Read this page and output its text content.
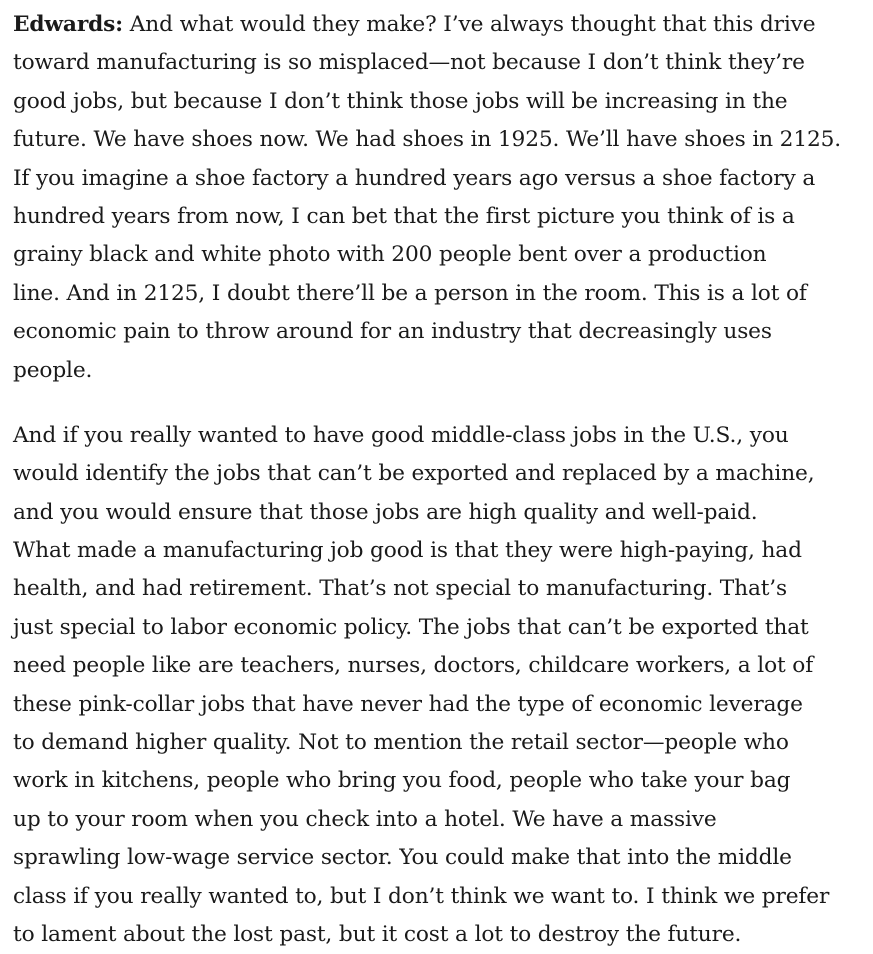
Edwards: And what would they make? I’ve always thought that this drive
toward manufacturing is so misplaced—not because I don’t think they’re
good jobs, but because I don’t think those jobs will be increasing in the
future. We have shoes now. We had shoes in 1925. We’ll have shoes in 2125.
If you imagine a shoe factory a hundred years ago versus a shoe factory a
hundred years from now, I can bet that the first picture you think of is a
grainy black and white photo with 200 people bent over a production
line. And in 2125, I doubt there’ll be a person in the room. This is a lot of
economic pain to throw around for an industry that decreasingly uses
people.

And if you really wanted to have good middle-class jobs in the U.S., you
would identify the jobs that can’t be exported and replaced by a machine,
and you would ensure that those jobs are high quality and well-paid.
What made a manufacturing job good is that they were high-paying, had
health, and had retirement. That’s not special to manufacturing. That’s
just special to labor economic policy. The jobs that can’t be exported that
need people like are teachers, nurses, doctors, childcare workers, a lot of
these pink-collar jobs that have never had the type of economic leverage
to demand higher quality. Not to mention the retail sector—people who
work in kitchens, people who bring you food, people who take your bag
up to your room when you check into a hotel. We have a massive
sprawling low-wage service sector. You could make that into the middle
class if you really wanted to, but I don’t think we want to. I think we prefer
to lament about the lost past, but it cost a lot to destroy the future.
